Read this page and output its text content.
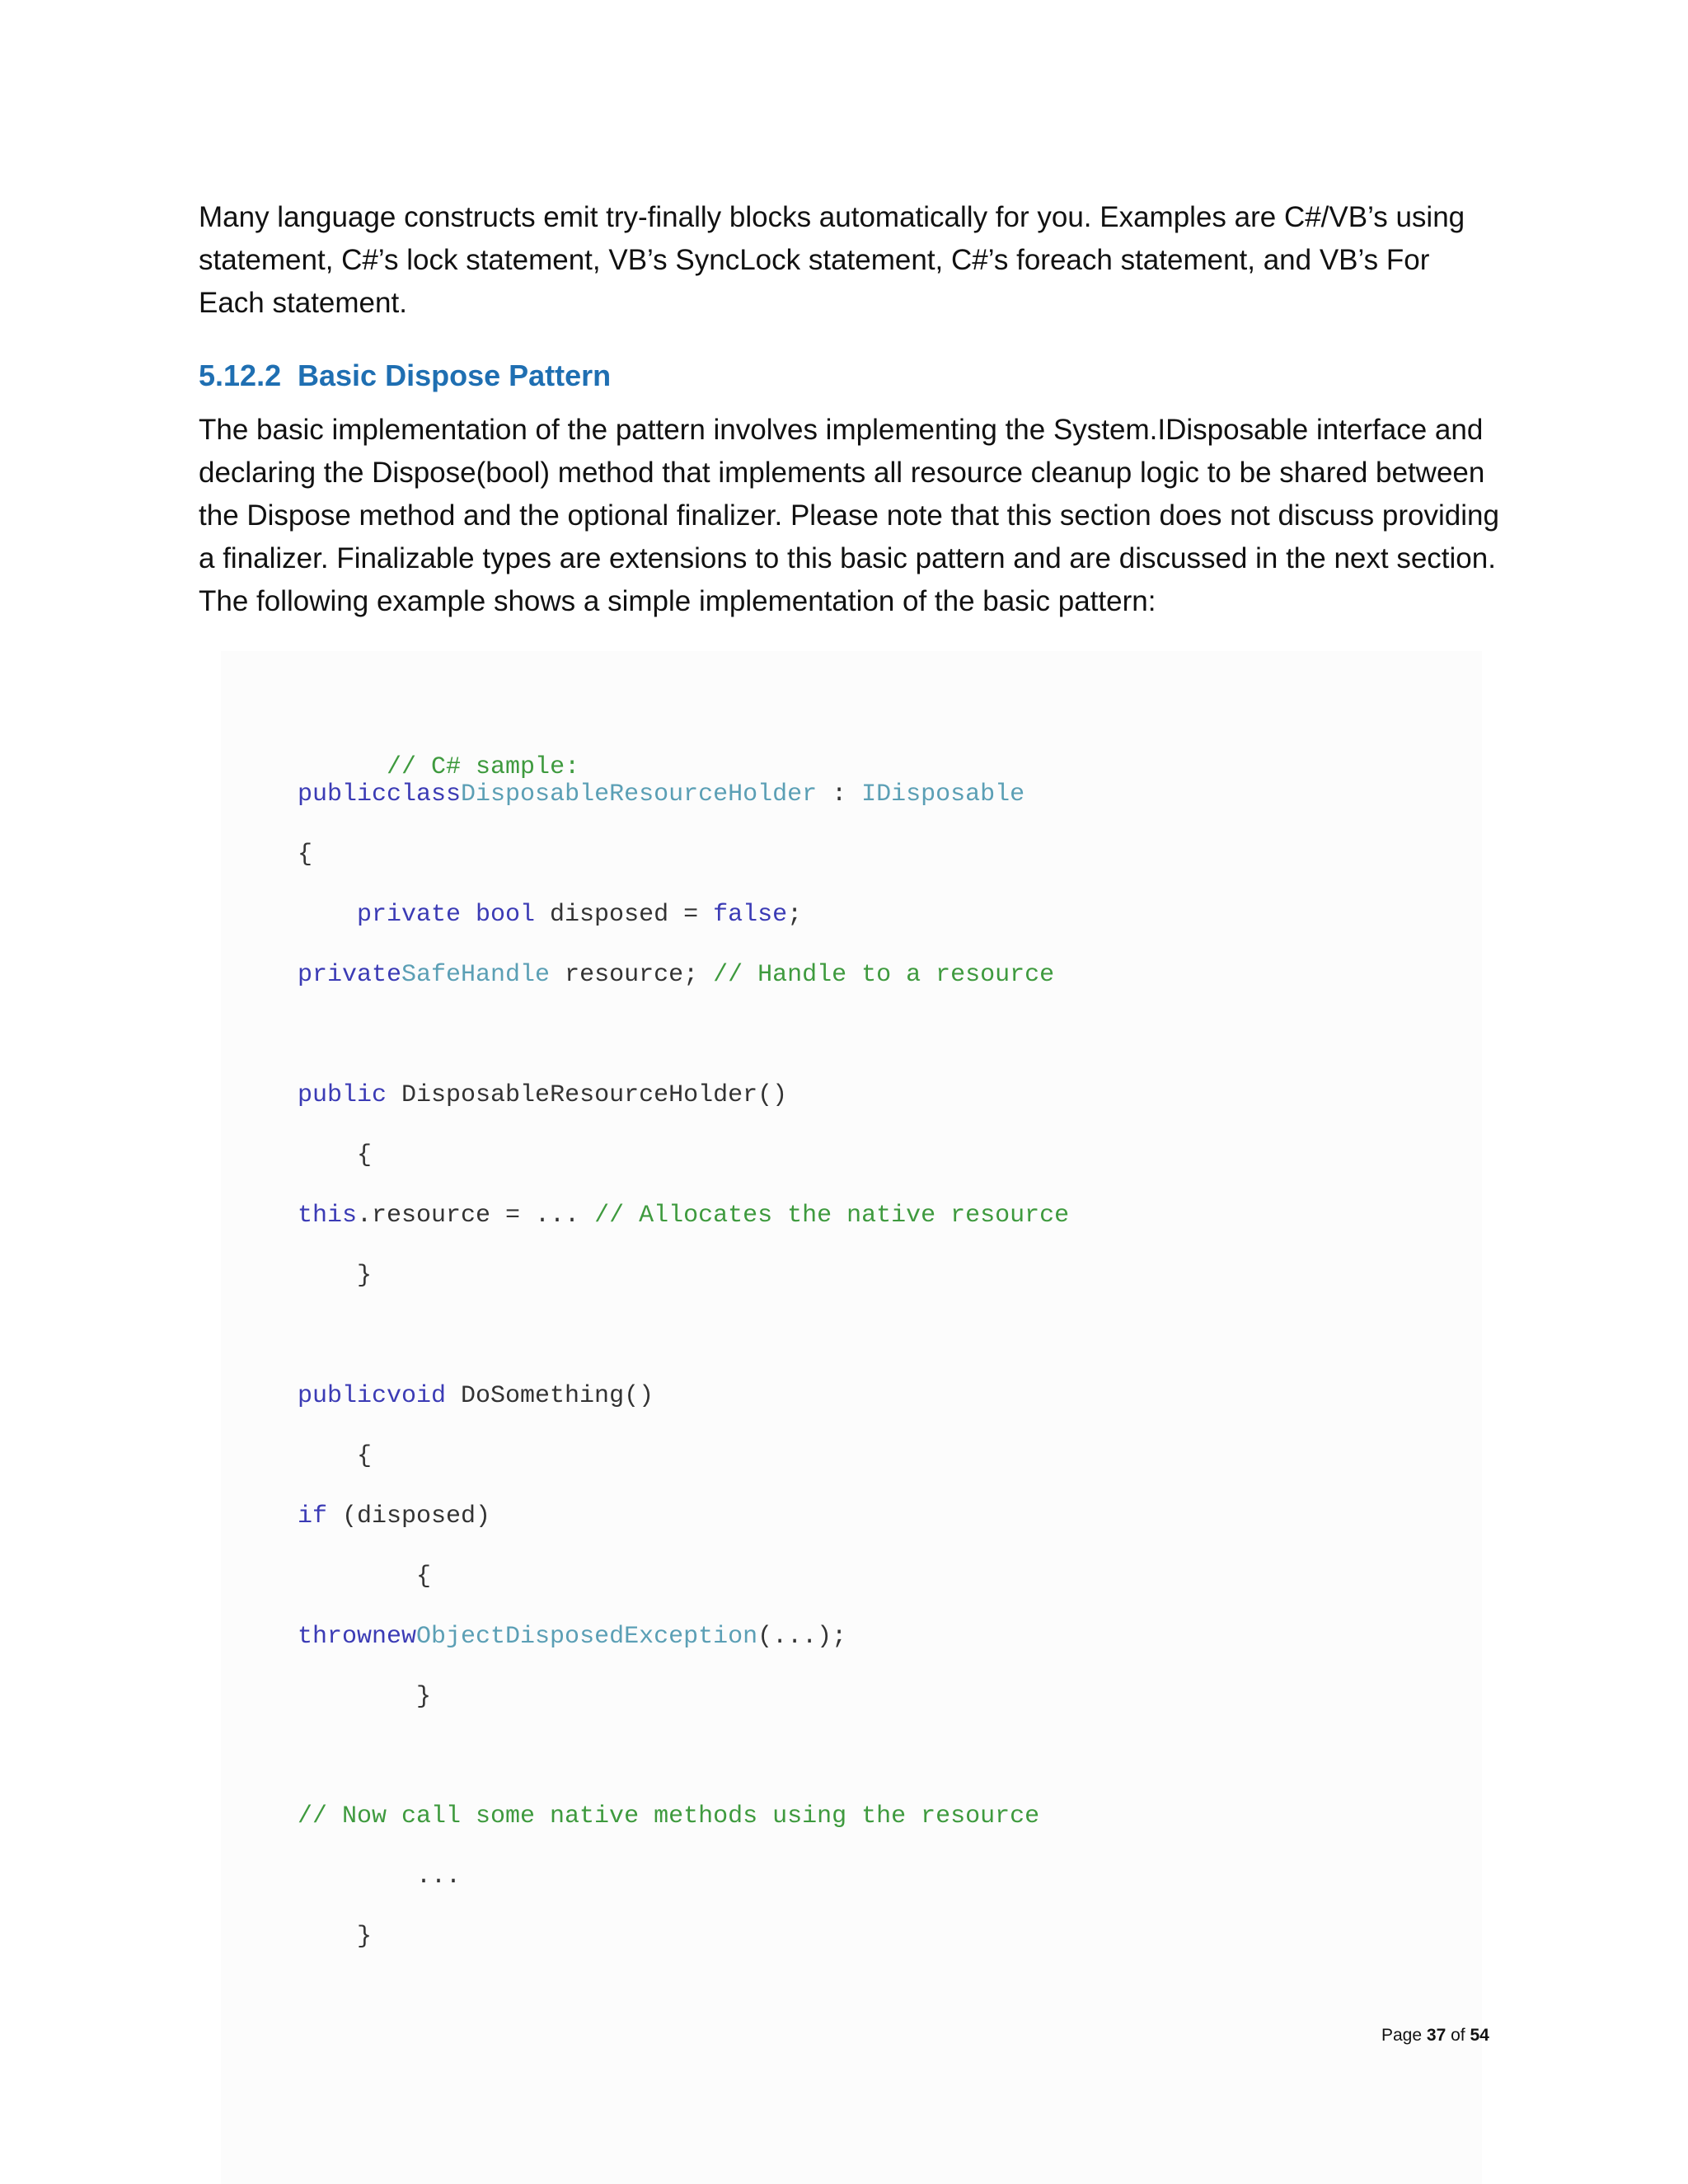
Many language constructs emit try-finally blocks automatically for you. Examples are C#/VB’s using statement, C#’s lock statement, VB’s SyncLock statement, C#’s foreach statement, and VB’s For Each statement.

5.12.2 Basic Dispose Pattern

The basic implementation of the pattern involves implementing the System.IDisposable interface and declaring the Dispose(bool) method that implements all resource cleanup logic to be shared between the Dispose method and the optional finalizer. Please note that this section does not discuss providing a finalizer. Finalizable types are extensions to this basic pattern and are discussed in the next section. The following example shows a simple implementation of the basic pattern:

// C# sample:

publicclassDisposableResourceHolder : IDisposable
{
private bool disposed = false;
privateSafeHandle resource; // Handle to a resource
public DisposableResourceHolder()
{
this.resource = ... // Allocates the native resource
}
publicvoid DoSomething()
{
if (disposed)
{
thrownewObjectDisposedException(...);
}
// Now call some native methods using the resource
...
}
Page 37 of 54
